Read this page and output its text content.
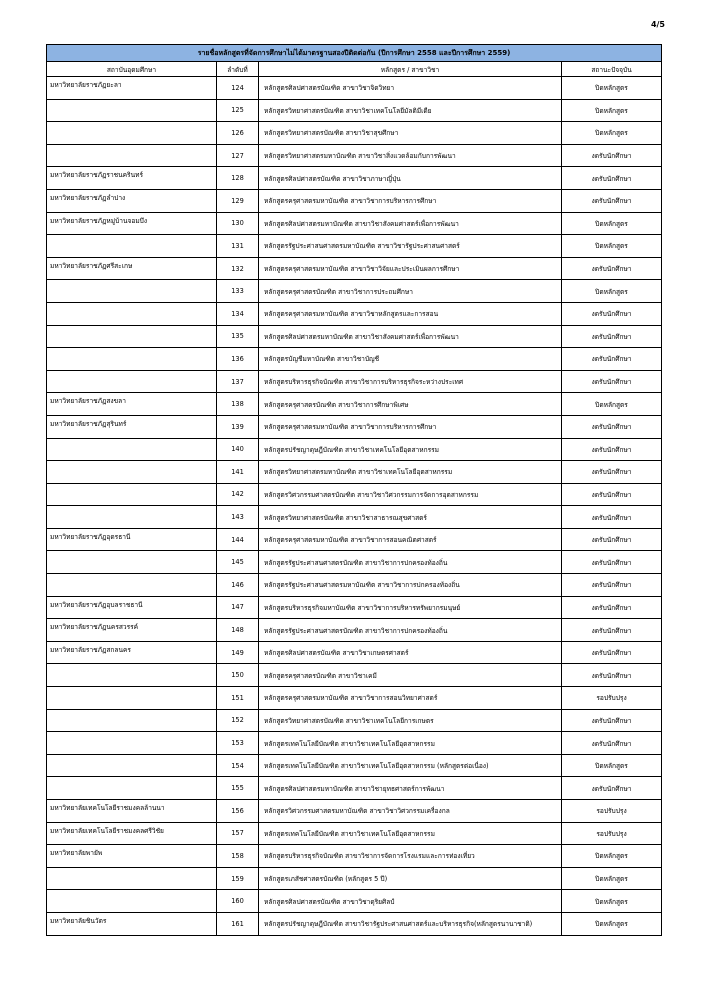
4/5
รายชื่อหลักสูตรที่จัดการศึกษาไม่ได้มาตรฐานสองปีติดต่อกัน (ปีการศึกษา 2558 และปีการศึกษา 2559)			
สถาบันอุดมศึกษา	ลำดับที่	หลักสูตร / สาขาวิชา	สถานะปัจจุบัน
มหาวิทยาลัยราชภัฏยะลา	124	หลักสูตรศิลปศาสตรบัณฑิต สาขาวิชาจิตวิทยา	ปิดหลักสูตร
	125	หลักสูตรวิทยาศาสตรบัณฑิต สาขาวิชาเทคโนโลยีมัลติมีเดีย	ปิดหลักสูตร
	126	หลักสูตรวิทยาศาสตรบัณฑิต สาขาวิชาสุขศึกษา	ปิดหลักสูตร
	127	หลักสูตรวิทยาศาสตรมหาบัณฑิต สาขาวิชาสิ่งแวดล้อมกับการพัฒนา	งดรับนักศึกษา
มหาวิทยาลัยราชภัฏราชนครินทร์	128	หลักสูตรศิลปศาสตรบัณฑิต สาขาวิชาภาษาญี่ปุ่น	งดรับนักศึกษา
มหาวิทยาลัยราชภัฏลำปาง	129	หลักสูตรครุศาสตรมหาบัณฑิต สาขาวิชาการบริหารการศึกษา	งดรับนักศึกษา
มหาวิทยาลัยราชภัฏหมู่บ้านจอมบึง	130	หลักสูตรศิลปศาสตรมหาบัณฑิต สาขาวิชาสังคมศาสตร์เพื่อการพัฒนา	ปิดหลักสูตร
	131	หลักสูตรรัฐประศาสนศาสตรมหาบัณฑิต สาขาวิชารัฐประศาสนศาสตร์	ปิดหลักสูตร
มหาวิทยาลัยราชภัฏศรีสะเกษ	132	หลักสูตรครุศาสตรมหาบัณฑิต สาขาวิชาวิจัยและประเมินผลการศึกษา	งดรับนักศึกษา
	133	หลักสูตรครุศาสตรบัณฑิต สาขาวิชาการประถมศึกษา	ปิดหลักสูตร
	134	หลักสูตรครุศาสตรมหาบัณฑิต สาขาวิชาหลักสูตรและการสอน	งดรับนักศึกษา
	135	หลักสูตรศิลปศาสตรมหาบัณฑิต สาขาวิชาสังคมศาสตร์เพื่อการพัฒนา	งดรับนักศึกษา
	136	หลักสูตรบัญชีมหาบัณฑิต สาขาวิชาบัญชี	งดรับนักศึกษา
	137	หลักสูตรบริหารธุรกิจบัณฑิต สาขาวิชาการบริหารธุรกิจระหว่างประเทศ	งดรับนักศึกษา
มหาวิทยาลัยราชภัฏสงขลา	138	หลักสูตรครุศาสตรบัณฑิต สาขาวิชาการศึกษาพิเศษ	ปิดหลักสูตร
มหาวิทยาลัยราชภัฏสุรินทร์	139	หลักสูตรครุศาสตรมหาบัณฑิต สาขาวิชาการบริหารการศึกษา	งดรับนักศึกษา
	140	หลักสูตรปรัชญาดุษฎีบัณฑิต สาขาวิชาเทคโนโลยีอุตสาหกรรม	งดรับนักศึกษา
	141	หลักสูตรวิทยาศาสตรมหาบัณฑิต สาขาวิชาเทคโนโลยีอุตสาหกรรม	งดรับนักศึกษา
	142	หลักสูตรวิศวกรรมศาสตรบัณฑิต สาขาวิชาวิศวกรรมการจัดการอุตสาหกรรม	งดรับนักศึกษา
	143	หลักสูตรวิทยาศาสตรบัณฑิต สาขาวิชาสาธารณสุขศาสตร์	งดรับนักศึกษา
มหาวิทยาลัยราชภัฏอุดรธานี	144	หลักสูตรครุศาสตรมหาบัณฑิต สาขาวิชาการสอนคณิตศาสตร์	งดรับนักศึกษา
	145	หลักสูตรรัฐประศาสนศาสตรบัณฑิต สาขาวิชาการปกครองท้องถิ่น	งดรับนักศึกษา
	146	หลักสูตรรัฐประศาสนศาสตรมหาบัณฑิต สาขาวิชาการปกครองท้องถิ่น	งดรับนักศึกษา
มหาวิทยาลัยราชภัฏอุบลราชธานี	147	หลักสูตรบริหารธุรกิจมหาบัณฑิต สาขาวิชาการบริหารทรัพยากรมนุษย์	งดรับนักศึกษา
มหาวิทยาลัยราชภัฏนครสวรรค์	148	หลักสูตรรัฐประศาสนศาสตรบัณฑิต สาขาวิชาการปกครองท้องถิ่น	งดรับนักศึกษา
มหาวิทยาลัยราชภัฏสกลนคร	149	หลักสูตรศิลปศาสตรบัณฑิต สาขาวิชาเกษตรศาสตร์	งดรับนักศึกษา
	150	หลักสูตรครุศาสตรบัณฑิต สาขาวิชาเคมี	งดรับนักศึกษา
	151	หลักสูตรครุศาสตรมหาบัณฑิต สาขาวิชาการสอนวิทยาศาสตร์	รอปรับปรุง
	152	หลักสูตรวิทยาศาสตรบัณฑิต สาขาวิชาเทคโนโลยีการเกษตร	งดรับนักศึกษา
	153	หลักสูตรเทคโนโลยีบัณฑิต สาขาวิชาเทคโนโลยีอุตสาหกรรม	งดรับนักศึกษา
	154	หลักสูตรเทคโนโลยีบัณฑิต สาขาวิชาเทคโนโลยีอุตสาหกรรม (หลักสูตรต่อเนื่อง)	ปิดหลักสูตร
	155	หลักสูตรศิลปศาสตรมหาบัณฑิต สาขาวิชายุทธศาสตร์การพัฒนา	งดรับนักศึกษา
มหาวิทยาลัยเทคโนโลยีราชมงคลล้านนา	156	หลักสูตรวิศวกรรมศาสตรมหาบัณฑิต สาขาวิชาวิศวกรรมเครื่องกล	รอปรับปรุง
มหาวิทยาลัยเทคโนโลยีราชมงคลศรีวิชัย	157	หลักสูตรเทคโนโลยีบัณฑิต สาขาวิชาเทคโนโลยีอุตสาหกรรม	รอปรับปรุง
มหาวิทยาลัยพายัพ	158	หลักสูตรบริหารธุรกิจบัณฑิต สาขาวิชาการจัดการโรงแรมและการท่องเที่ยว	ปิดหลักสูตร
	159	หลักสูตรเภสัชศาสตรบัณฑิต (หลักสูตร 5 ปี)	ปิดหลักสูตร
	160	หลักสูตรศิลปศาสตรบัณฑิต สาขาวิชาดุริยศิลป์	ปิดหลักสูตร
มหาวิทยาลัยชินวัตร	161	หลักสูตรปรัชญาดุษฎีบัณฑิต สาขาวิชารัฐประศาสนศาสตร์และบริหารธุรกิจ(หลักสูตรนานาชาติ)	ปิดหลักสูตร
